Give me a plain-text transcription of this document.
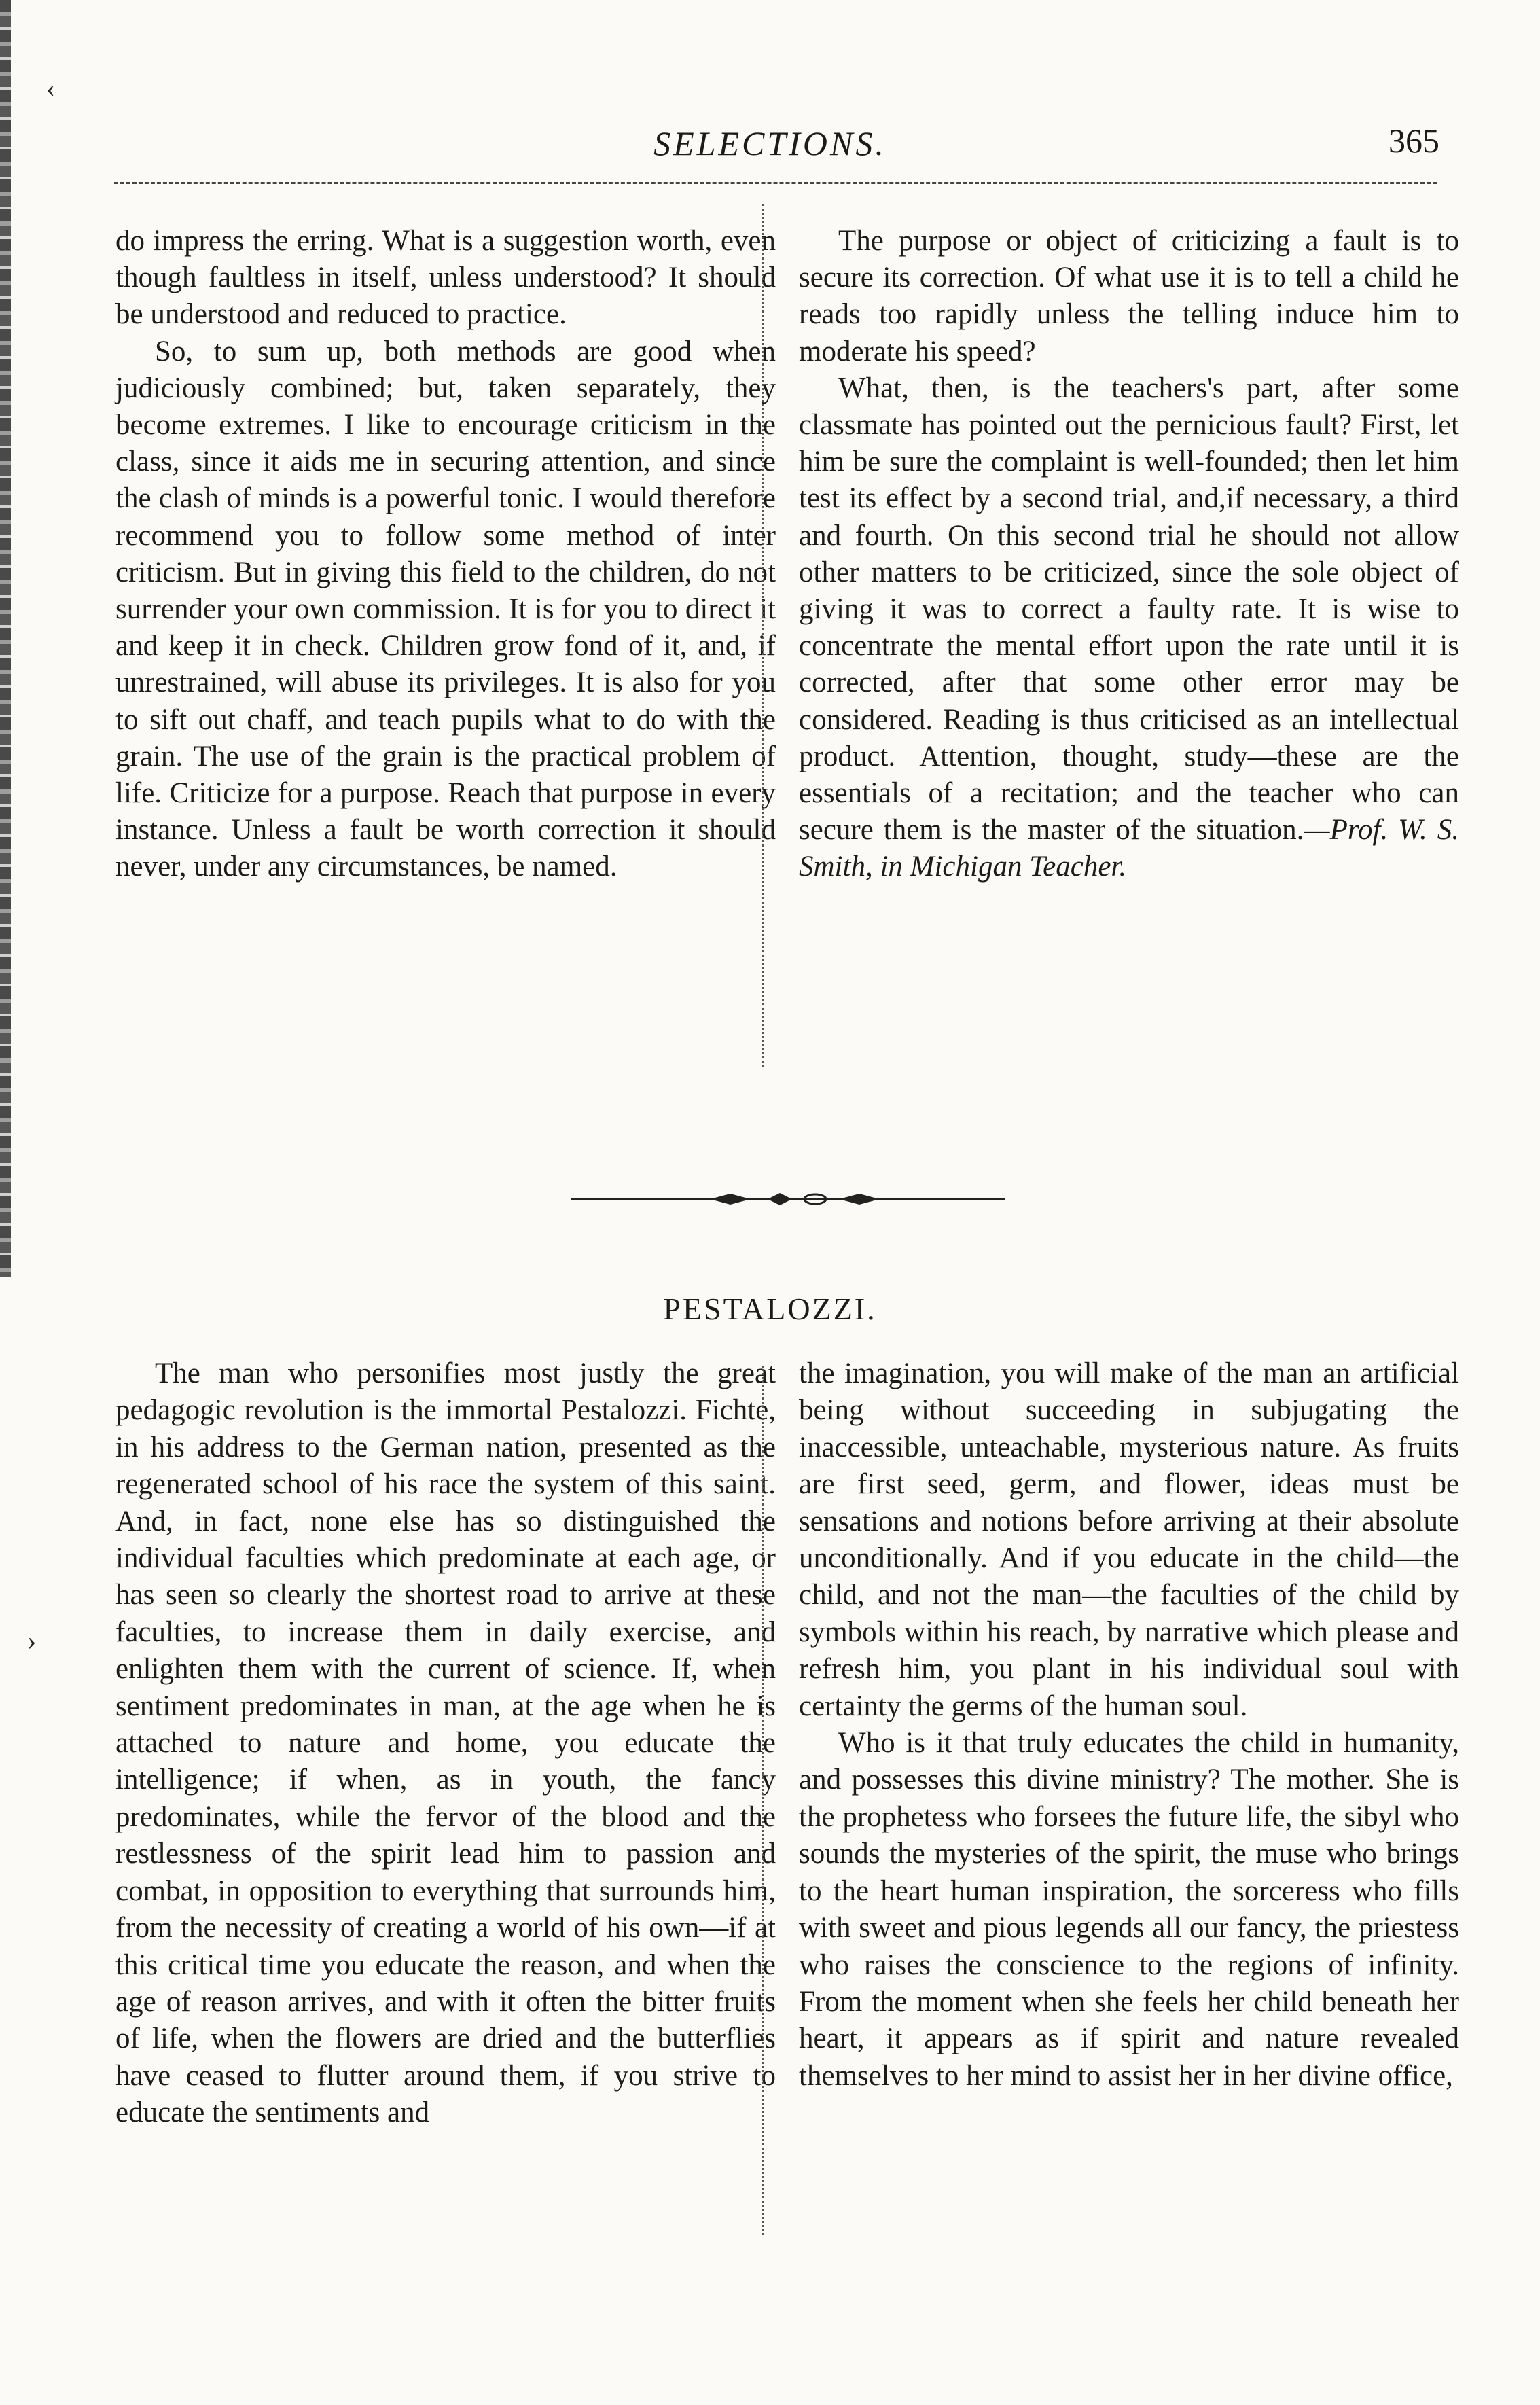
‹
›
SELECTIONS.	365

do impress the erring. What is a suggestion worth, even though faultless in itself, unless understood? It should be understood and reduced to practice.

So, to sum up, both methods are good when judiciously combined; but, taken separately, they become extremes. I like to encourage criticism in the class, since it aids me in securing attention, and since the clash of minds is a powerful tonic. I would therefore recommend you to follow some method of inter criticism. But in giving this field to the children, do not surrender your own commission. It is for you to direct it and keep it in check. Children grow fond of it, and, if unrestrained, will abuse its privileges. It is also for you to sift out chaff, and teach pupils what to do with the grain. The use of the grain is the practical problem of life. Criticize for a purpose. Reach that purpose in every instance. Unless a fault be worth correction it should never, under any circumstances, be named.

The purpose or object of criticizing a fault is to secure its correction. Of what use it is to tell a child he reads too rapidly unless the telling induce him to moderate his speed?

What, then, is the teachers's part, after some classmate has pointed out the pernicious fault? First, let him be sure the complaint is well-founded; then let him test its effect by a second trial, and,if necessary, a third and fourth. On this second trial he should not allow other matters to be criticized, since the sole object of giving it was to correct a faulty rate. It is wise to concentrate the mental effort upon the rate until it is corrected, after that some other error may be considered. Reading is thus criticised as an intellectual product. Attention, thought, study—these are the essentials of a recitation; and the teacher who can secure them is the master of the situation.—Prof. W. S. Smith, in Michigan Teacher.

PESTALOZZI.

The man who personifies most justly the great pedagogic revolution is the immortal Pestalozzi. Fichte, in his address to the German nation, presented as the regenerated school of his race the system of this saint. And, in fact, none else has so distinguished the individual faculties which predominate at each age, or has seen so clearly the shortest road to arrive at these faculties, to increase them in daily exercise, and enlighten them with the current of science. If, when sentiment predominates in man, at the age when he is attached to nature and home, you educate the intelligence; if when, as in youth, the fancy predominates, while the fervor of the blood and the restlessness of the spirit lead him to passion and combat, in opposition to everything that surrounds him, from the necessity of creating a world of his own—if at this critical time you educate the reason, and when the age of reason arrives, and with it often the bitter fruits of life, when the flowers are dried and the butterflies have ceased to flutter around them, if you strive to educate the sentiments and

the imagination, you will make of the man an artificial being without succeeding in subjugating the inaccessible, unteachable, mysterious nature. As fruits are first seed, germ, and flower, ideas must be sensations and notions before arriving at their absolute unconditionally. And if you educate in the child—the child, and not the man—the faculties of the child by symbols within his reach, by narrative which please and refresh him, you plant in his individual soul with certainty the germs of the human soul.

Who is it that truly educates the child in humanity, and possesses this divine ministry? The mother. She is the prophetess who forsees the future life, the sibyl who sounds the mysteries of the spirit, the muse who brings to the heart human inspiration, the sorceress who fills with sweet and pious legends all our fancy, the priestess who raises the conscience to the regions of infinity. From the moment when she feels her child beneath her heart, it appears as if spirit and nature revealed themselves to her mind to assist her in her divine office,
